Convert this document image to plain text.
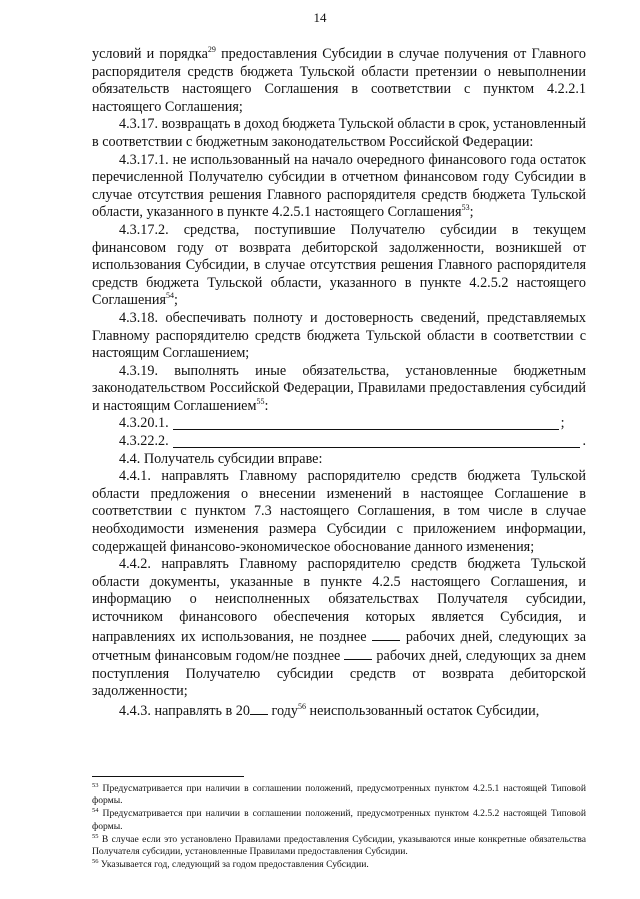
14

условий и порядка$^{29}$ предоставления Субсидии в случае получения от Главного распорядителя средств бюджета Тульской области претензии о невыполнении обязательств настоящего Соглашения в соответствии с пунктом 4.2.2.1 настоящего Соглашения;

4.3.17. возвращать в доход бюджета Тульской области в срок, установленный в соответствии с бюджетным законодательством Российской Федерации:

4.3.17.1. не использованный на начало очередного финансового года остаток перечисленной Получателю субсидии в отчетном финансовом году Субсидии в случае отсутствия решения Главного распорядителя средств бюджета Тульской области, указанного в пункте 4.2.5.1 настоящего Соглашения$^{53}$;

4.3.17.2. средства, поступившие Получателю субсидии в текущем финансовом году от возврата дебиторской задолженности, возникшей от использования Субсидии, в случае отсутствия решения Главного распорядителя средств бюджета Тульской области, указанного в пункте 4.2.5.2 настоящего Соглашения$^{54}$;

4.3.18. обеспечивать полноту и достоверность сведений, представляемых Главному распорядителю средств бюджета Тульской области в соответствии с настоящим Соглашением;

4.3.19. выполнять иные обязательства, установленные бюджетным законодательством Российской Федерации, Правилами предоставления субсидий и настоящим Соглашением$^{55}$:

4.3.20.1.	;
4.3.22.2.	.

4.4. Получатель субсидии вправе:

4.4.1. направлять Главному распорядителю средств бюджета Тульской области предложения о внесении изменений в настоящее Соглашение в соответствии с пунктом 7.3 настоящего Соглашения, в том числе в случае необходимости изменения размера Субсидии с приложением информации, содержащей финансово-экономическое обоснование данного изменения;

4.4.2. направлять Главному распорядителю средств бюджета Тульской области документы, указанные в пункте 4.2.5 настоящего Соглашения, и информацию о неисполненных обязательствах Получателя субсидии, источником финансового обеспечения которых является Субсидия, и направлениях их использования, не позднее	рабочих дней, следующих за отчетным финансовым годом/не позднее	рабочих дней, следующих за днем поступления Получателю субсидии средств от возврата дебиторской задолженности;

4.4.3. направлять в 20 году$^{56}$ неиспользованный остаток Субсидии,

$^{53}$ Предусматривается при наличии в соглашении положений, предусмотренных пунктом 4.2.5.1 настоящей Типовой формы.

$^{54}$ Предусматривается при наличии в соглашении положений, предусмотренных пунктом 4.2.5.2 настоящей Типовой формы.

$^{55}$ В случае если это установлено Правилами предоставления Субсидии, указываются иные конкретные обязательства Получателя субсидии, установленные Правилами предоставления Субсидии.

$^{56}$ Указывается год, следующий за годом предоставления Субсидии.
